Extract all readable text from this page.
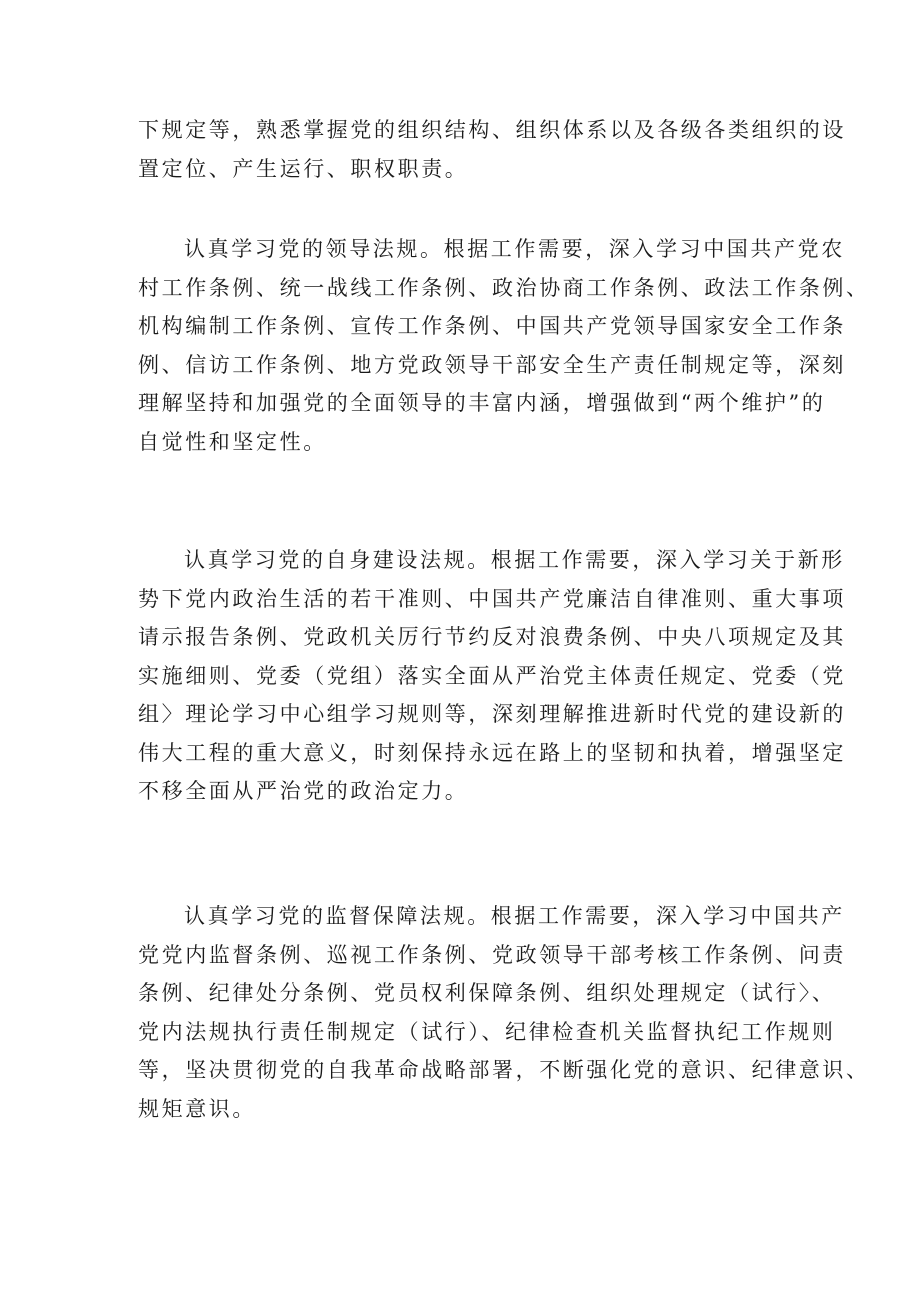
下规定等，熟悉掌握党的组织结构、组织体系以及各级各类组织的设
置定位、产生运行、职权职责。
认真学习党的领导法规。根据工作需要，深入学习中国共产党农
村工作条例、统一战线工作条例、政治协商工作条例、政法工作条例、
机构编制工作条例、宣传工作条例、中国共产党领导国家安全工作条
例、信访工作条例、地方党政领导干部安全生产责任制规定等，深刻
理解坚持和加强党的全面领导的丰富内涵，增强做到“两个维护”的
自觉性和坚定性。
认真学习党的自身建设法规。根据工作需要，深入学习关于新形
势下党内政治生活的若干准则、中国共产党廉洁自律准则、重大事项
请示报告条例、党政机关厉行节约反对浪费条例、中央八项规定及其
实施细则、党委（党组）落实全面从严治党主体责任规定、党委（党
组〉理论学习中心组学习规则等，深刻理解推进新时代党的建设新的
伟大工程的重大意义，时刻保持永远在路上的坚韧和执着，增强坚定
不移全面从严治党的政治定力。
认真学习党的监督保障法规。根据工作需要，深入学习中国共产
党党内监督条例、巡视工作条例、党政领导干部考核工作条例、问责
条例、纪律处分条例、党员权利保障条例、组织处理规定（试行〉、
党内法规执行责任制规定（试行）、纪律检查机关监督执纪工作规则
等，坚决贯彻党的自我革命战略部署，不断强化党的意识、纪律意识、
规矩意识。
